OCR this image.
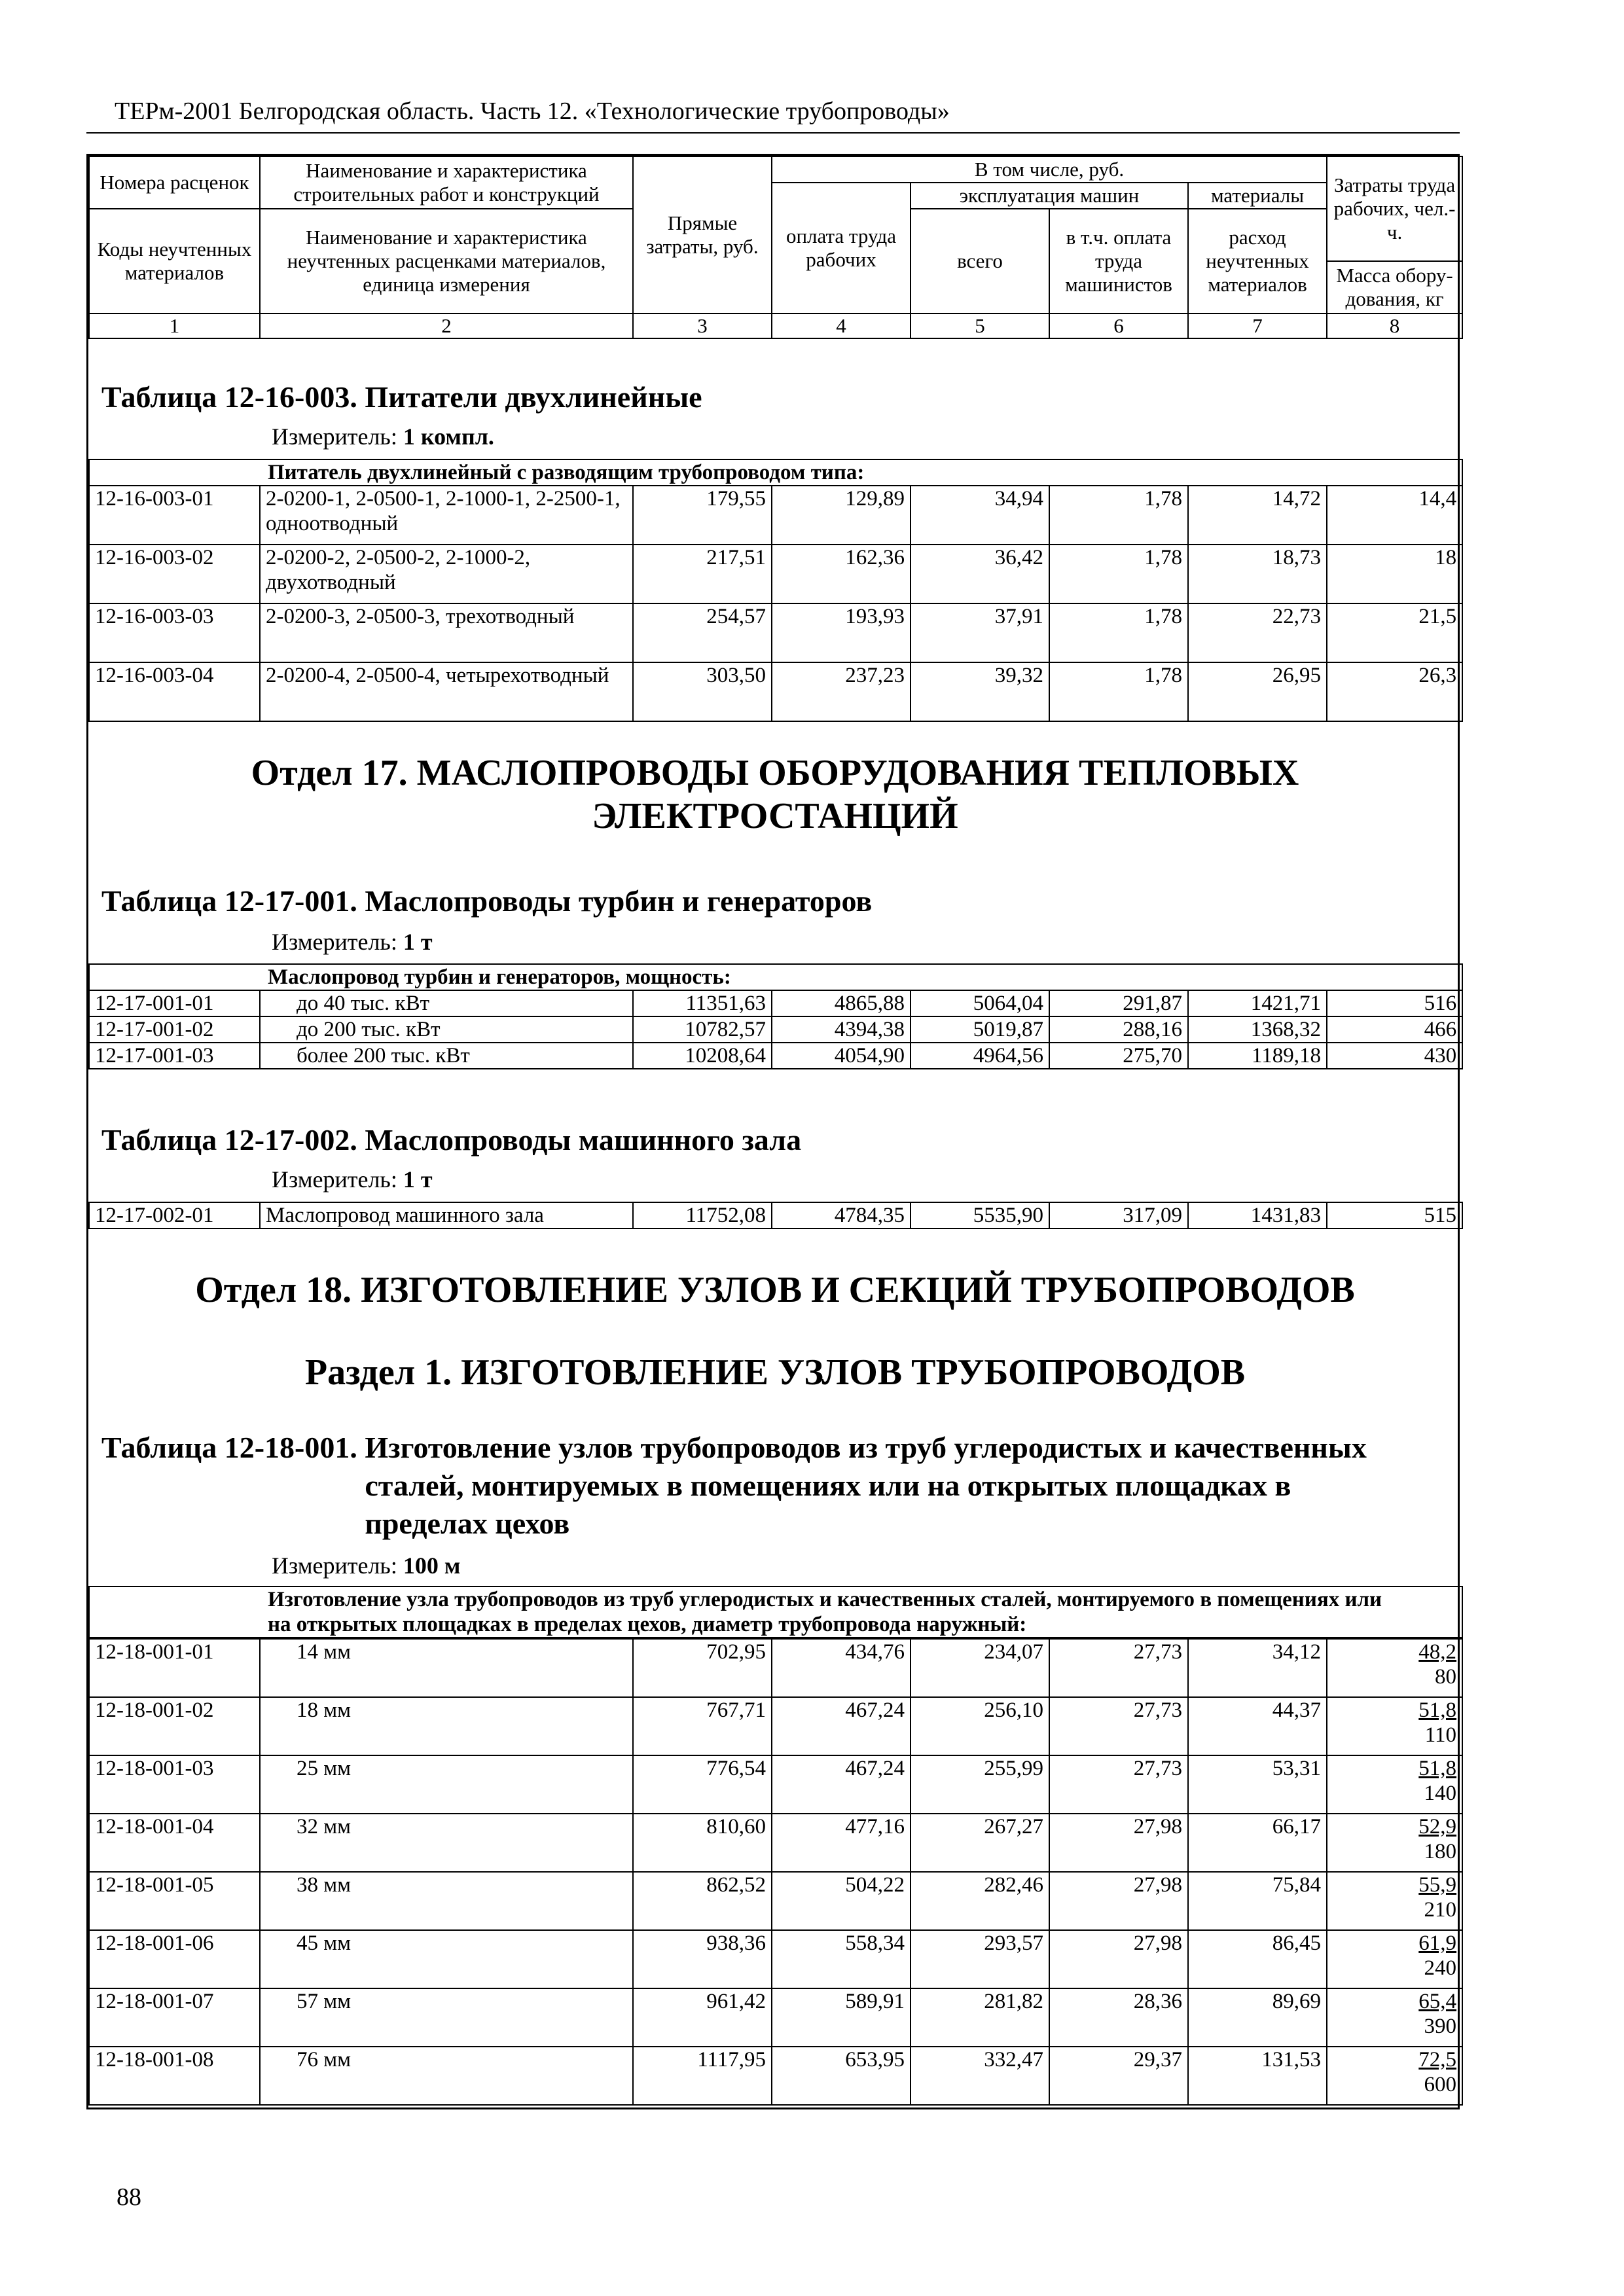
ТЕРм-2001 Белгородская область. Часть 12. «Технологические трубопроводы»
Номера расценок	Наименование и характеристика строительных работ и конструкций	Прямые затраты, руб.	В том числе, руб.				Затраты труда рабочих, чел.-ч.
			оплата труда рабочих	эксплуатация машин		материалы	
Коды неучтенных материалов	Наименование и характеристика неучтенных расценками материалов, единица измерения			всего	в т.ч. оплата труда машинистов	расход неучтенных материалов	
							Масса обору-дования, кг
1	2	3	4	5	6	7	8
Таблица 12-16-003. Питатели двухлинейные
Измеритель: 1 компл.
Питатель двухлинейный с разводящим трубопроводом типа:							
12-16-003-01	2-0200-1, 2-0500-1, 2-1000-1, 2-2500-1, одноотводный	179,55	129,89	34,94	1,78	14,72	14,4
12-16-003-02	2-0200-2, 2-0500-2, 2-1000-2, двухотводный	217,51	162,36	36,42	1,78	18,73	18
12-16-003-03	2-0200-3, 2-0500-3, трехотводный	254,57	193,93	37,91	1,78	22,73	21,5
12-16-003-04	2-0200-4, 2-0500-4, четырехотводный	303,50	237,23	39,32	1,78	26,95	26,3
Отдел 17. МАСЛОПРОВОДЫ ОБОРУДОВАНИЯ ТЕПЛОВЫХ
ЭЛЕКТРОСТАНЦИЙ
Таблица 12-17-001. Маслопроводы турбин и генераторов
Измеритель: 1 т
Маслопровод турбин и генераторов, мощность:							
12-17-001-01	до 40 тыс. кВт	11351,63	4865,88	5064,04	291,87	1421,71	516
12-17-001-02	до 200 тыс. кВт	10782,57	4394,38	5019,87	288,16	1368,32	466
12-17-001-03	более 200 тыс. кВт	10208,64	4054,90	4964,56	275,70	1189,18	430
Таблица 12-17-002. Маслопроводы машинного зала
Измеритель: 1 т
12-17-002-01	Маслопровод машинного зала	11752,08	4784,35	5535,90	317,09	1431,83	515
Отдел 18. ИЗГОТОВЛЕНИЕ УЗЛОВ И СЕКЦИЙ ТРУБОПРОВОДОВ
Раздел 1. ИЗГОТОВЛЕНИЕ УЗЛОВ ТРУБОПРОВОДОВ
Таблица 12-18-001. Изготовление узлов трубопроводов из труб углеродистых и качественных сталей, монтируемых в помещениях или на открытых площадках в пределах цехов
Измеритель: 100 м
Изготовление узла трубопроводов из труб углеродистых и качественных сталей, монтируемого в помещениях или на открытых площадках в пределах цехов, диаметр трубопровода наружный:
12-18-001-01	14 мм	702,95	434,76	234,07	27,73	34,12	48,2
80

12-18-001-02	18 мм	767,71	467,24	256,10	27,73	44,37	51,8
110

12-18-001-03	25 мм	776,54	467,24	255,99	27,73	53,31	51,8
140

12-18-001-04	32 мм	810,60	477,16	267,27	27,98	66,17	52,9
180

12-18-001-05	38 мм	862,52	504,22	282,46	27,98	75,84	55,9
210

12-18-001-06	45 мм	938,36	558,34	293,57	27,98	86,45	61,9
240

12-18-001-07	57 мм	961,42	589,91	281,82	28,36	89,69	65,4
390

12-18-001-08	76 мм	1117,95	653,95	332,47	29,37	131,53	72,5
600
88
